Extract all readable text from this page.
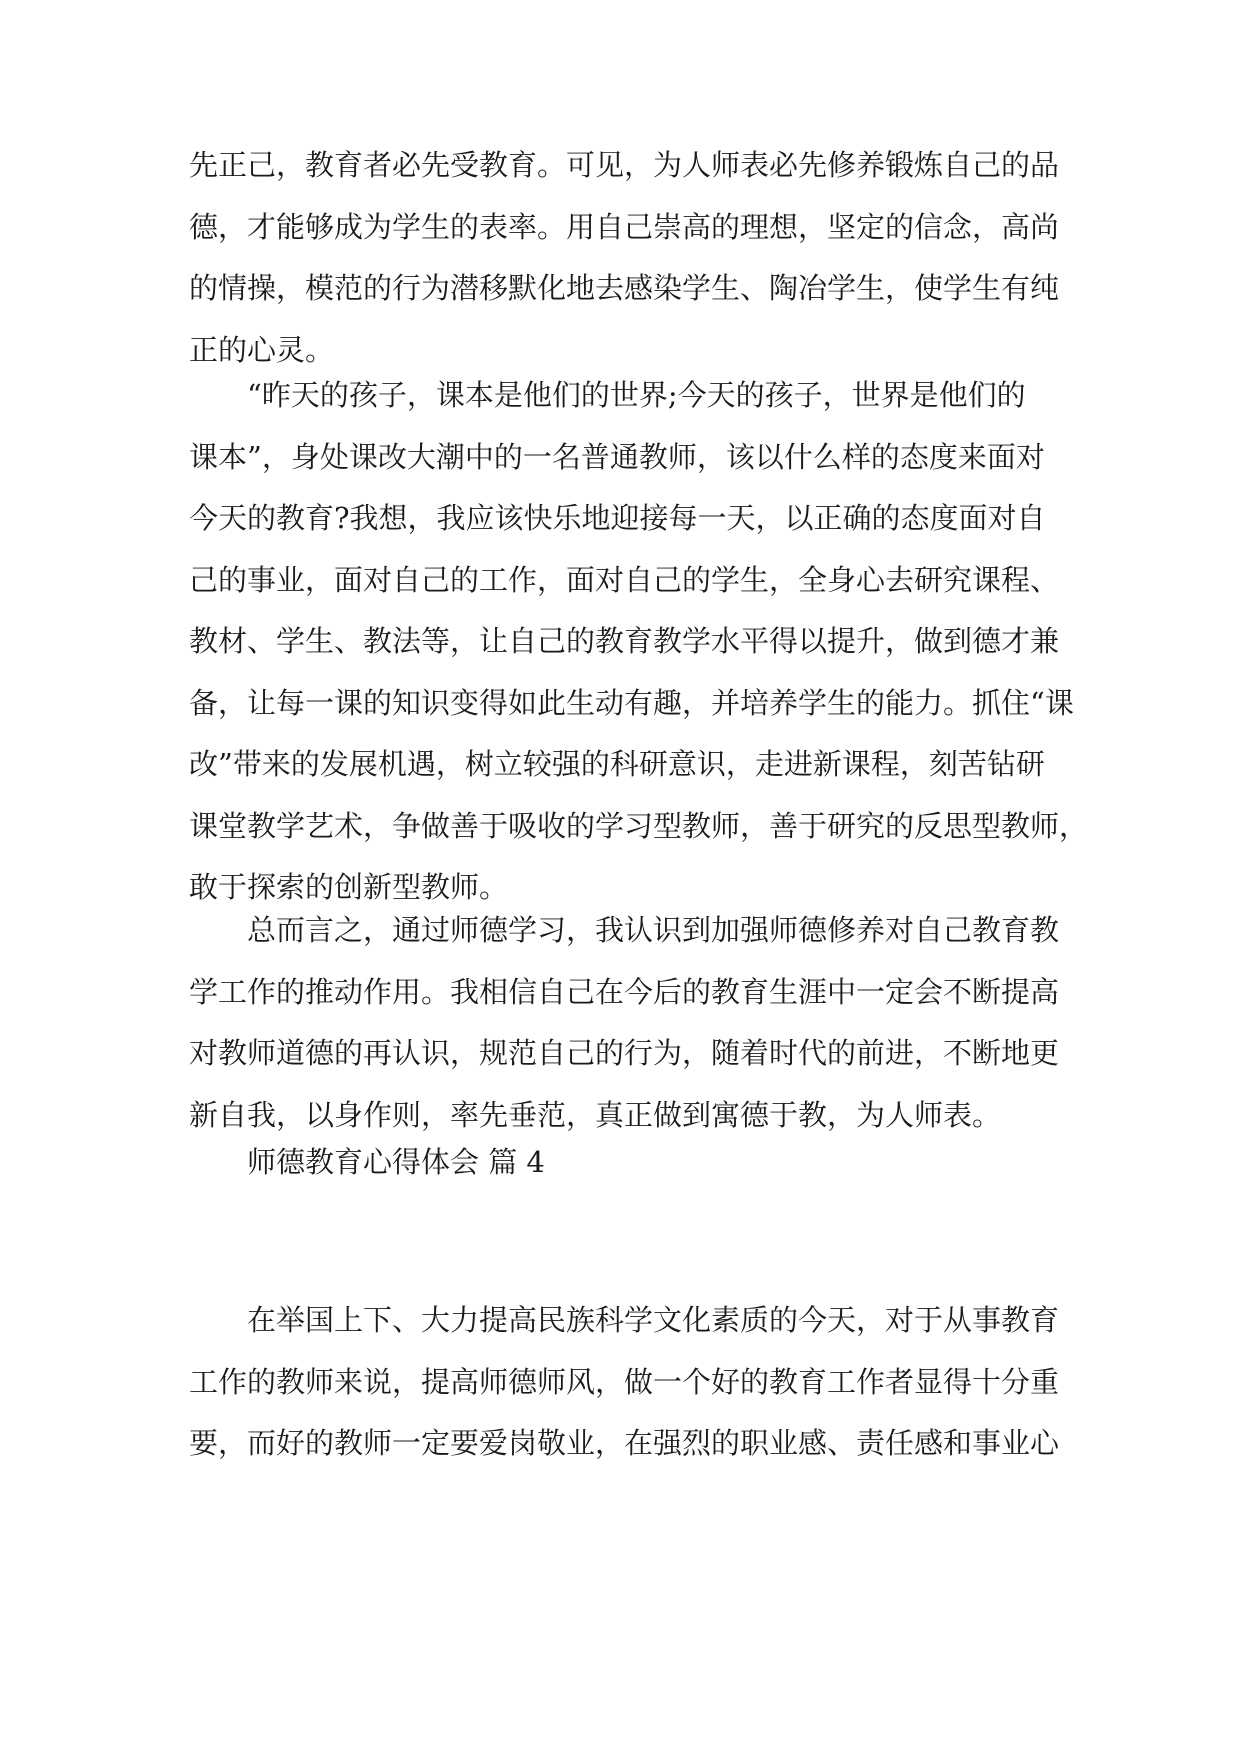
先正己，教育者必先受教育。可见，为人师表必先修养锻炼自己的品
德，才能够成为学生的表率。用自己崇高的理想，坚定的信念，高尚
的情操，模范的行为潜移默化地去感染学生、陶冶学生，使学生有纯
正的心灵。
“昨天的孩子，课本是他们的世界;今天的孩子，世界是他们的
课本”，身处课改大潮中的一名普通教师，该以什么样的态度来面对
今天的教育?我想，我应该快乐地迎接每一天，以正确的态度面对自
己的事业，面对自己的工作，面对自己的学生，全身心去研究课程、
教材、学生、教法等，让自己的教育教学水平得以提升，做到德才兼
备，让每一课的知识变得如此生动有趣，并培养学生的能力。抓住“课
改”带来的发展机遇，树立较强的科研意识，走进新课程，刻苦钻研
课堂教学艺术，争做善于吸收的学习型教师，善于研究的反思型教师，
敢于探索的创新型教师。
总而言之，通过师德学习，我认识到加强师德修养对自己教育教
学工作的推动作用。我相信自己在今后的教育生涯中一定会不断提高
对教师道德的再认识，规范自己的行为，随着时代的前进，不断地更
新自我，以身作则，率先垂范，真正做到寓德于教，为人师表。
师德教育心得体会 篇 4
在举国上下、大力提高民族科学文化素质的今天，对于从事教育
工作的教师来说，提高师德师风，做一个好的教育工作者显得十分重
要，而好的教师一定要爱岗敬业，在强烈的职业感、责任感和事业心
